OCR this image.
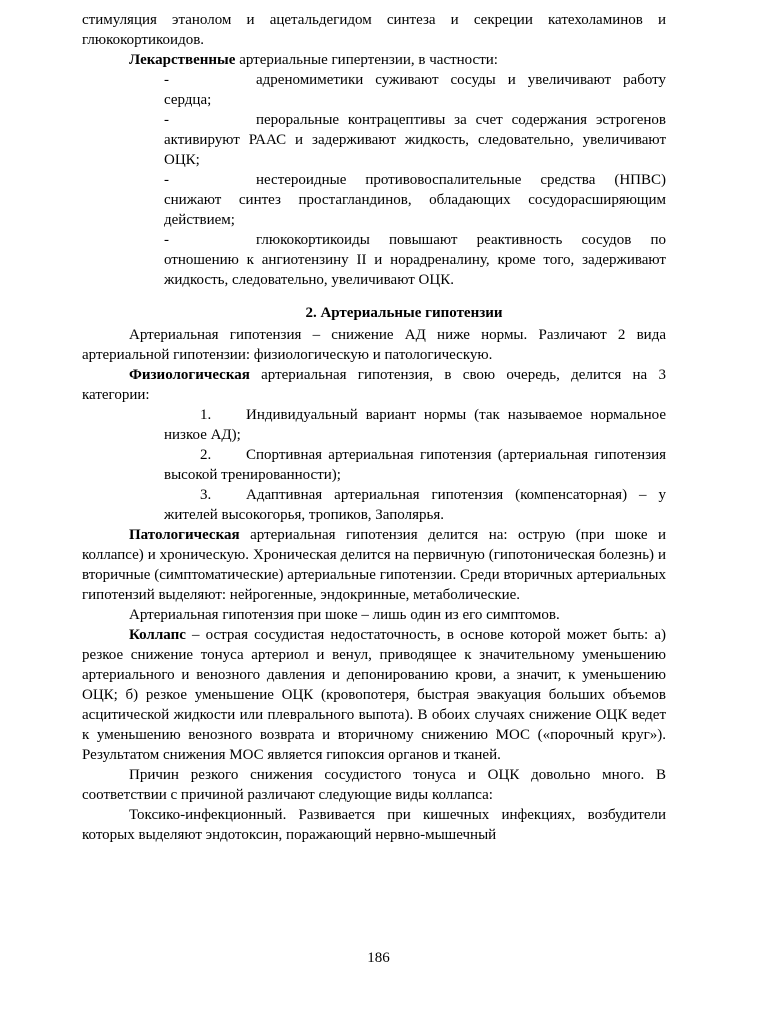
стимуляция этанолом и ацетальдегидом синтеза и секреции катехоламинов и глюкокортикоидов.

Лекарственные артериальные гипертензии, в частности:

-	адреномиметики суживают сосуды и увеличивают работу сердца;

-	пероральные контрацептивы за счет содержания эстрогенов активируют РААС и задерживают жидкость, следовательно, увеличивают ОЦК;

-	нестероидные противовоспалительные средства (НПВС) снижают синтез простагландинов, обладающих сосудорасширяющим действием;

-	глюкокортикоиды повышают реактивность сосудов по отношению к ангиотензину II и норадреналину, кроме того, задерживают жидкость, следовательно, увеличивают ОЦК.

2. Артериальные гипотензии

Артериальная гипотензия – снижение АД ниже нормы. Различают 2 вида артериальной гипотензии: физиологическую и патологическую.

Физиологическая артериальная гипотензия, в свою очередь, делится на 3 категории:

1. Индивидуальный вариант нормы (так называемое нормальное низкое АД);

2. Спортивная артериальная гипотензия (артериальная гипотензия высокой тренированности);

3. Адаптивная артериальная гипотензия (компенсаторная) – у жителей высокогорья, тропиков, Заполярья.

Патологическая артериальная гипотензия делится на: острую (при шоке и коллапсе) и хроническую. Хроническая делится на первичную (гипотоническая болезнь) и вторичные (симптоматические) артериальные гипотензии. Среди вторичных артериальных гипотензий выделяют: нейрогенные, эндокринные, метаболические.

Артериальная гипотензия при шоке – лишь один из его симптомов.

Коллапс – острая сосудистая недостаточность, в основе которой может быть: а) резкое снижение тонуса артериол и венул, приводящее к значительному уменьшению артериального и венозного давления и депонированию крови, а значит, к уменьшению ОЦК; б) резкое уменьшение ОЦК (кровопотеря, быстрая эвакуация больших объемов асцитической жидкости или плеврального выпота). В обоих случаях снижение ОЦК ведет к уменьшению венозного возврата и вторичному снижению МОС («порочный круг»). Результатом снижения МОС является гипоксия органов и тканей.

Причин резкого снижения сосудистого тонуса и ОЦК довольно много. В соответствии с причиной различают следующие виды коллапса:

Токсико-инфекционный. Развивается при кишечных инфекциях, возбудители которых выделяют эндотоксин, поражающий нервно-мышечный

186
